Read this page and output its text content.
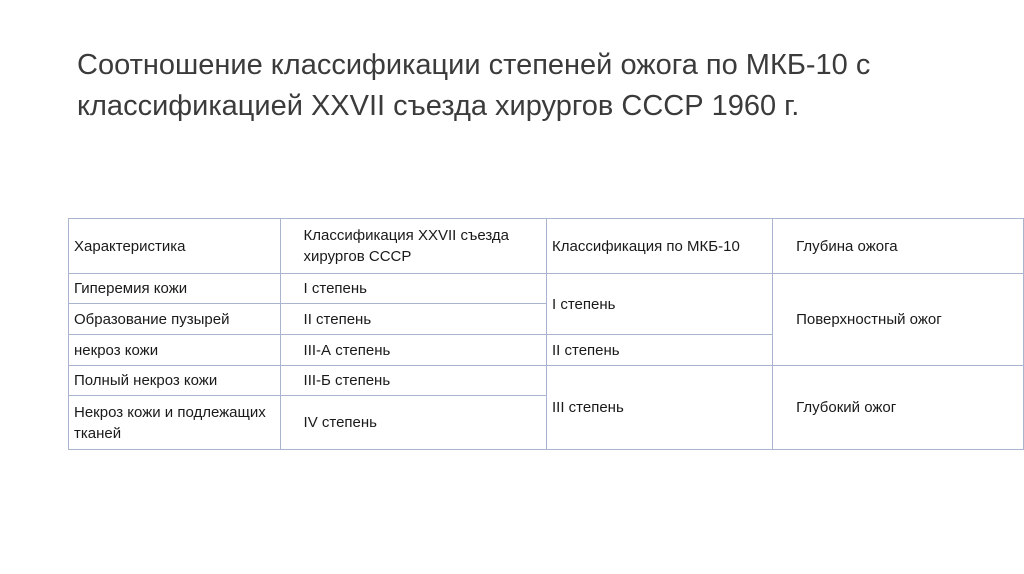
Соотношение классификации степеней ожога по МКБ-10 с классификацией XXVII съезда хирургов СССР 1960 г.
Характеристика	Классификация XXVII съезда хирургов СССР	Классификация по МКБ-10	Глубина ожога
Гиперемия кожи	I степень	I степень	Поверхностный ожог
Образование пузырей	II степень		
некроз кожи	III-А степень	II степень	
Полный некроз кожи	III-Б степень	III степень	Глубокий ожог
Некроз кожи и подлежащих тканей	IV степень		
